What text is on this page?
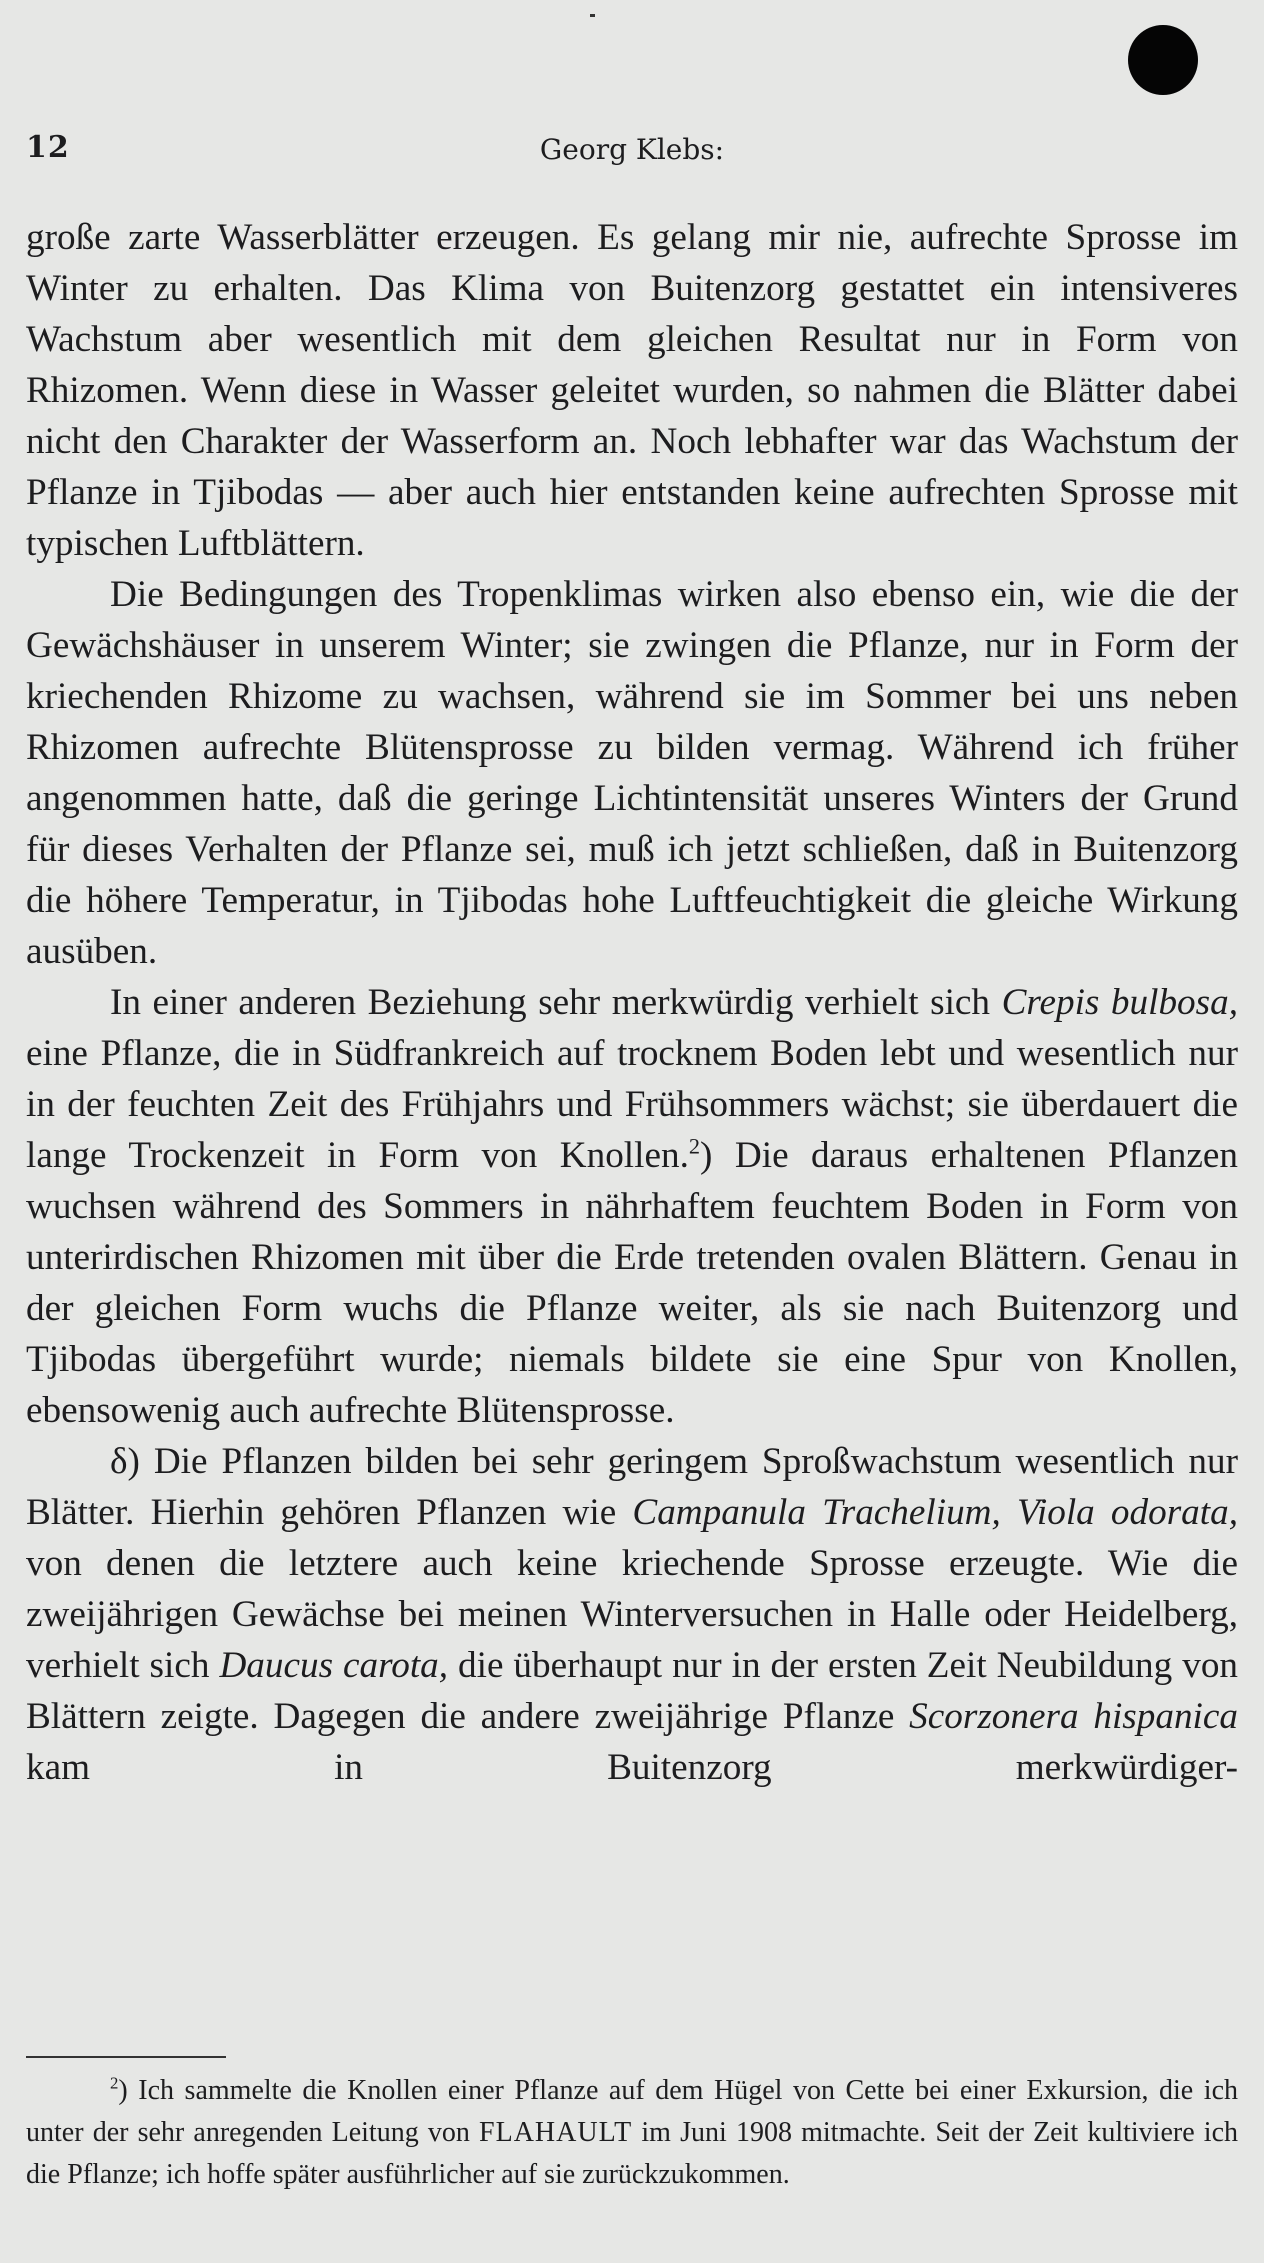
12	Georg Klebs:

große zarte Wasserblätter erzeugen. Es gelang mir nie, aufrechte Sprosse im Winter zu erhalten. Das Klima von Buitenzorg gestattet ein intensiveres Wachstum aber wesentlich mit dem gleichen Resultat nur in Form von Rhizomen. Wenn diese in Wasser geleitet wurden, so nahmen die Blätter dabei nicht den Charakter der Wasserform an. Noch lebhafter war das Wachstum der Pflanze in Tjibodas — aber auch hier entstanden keine aufrechten Sprosse mit typischen Luftblättern.

Die Bedingungen des Tropenklimas wirken also ebenso ein, wie die der Gewächshäuser in unserem Winter; sie zwingen die Pflanze, nur in Form der kriechenden Rhizome zu wachsen, während sie im Sommer bei uns neben Rhizomen aufrechte Blütensprosse zu bilden vermag. Während ich früher angenommen hatte, daß die geringe Lichtintensität unseres Winters der Grund für dieses Verhalten der Pflanze sei, muß ich jetzt schließen, daß in Buitenzorg die höhere Temperatur, in Tjibodas hohe Luftfeuchtigkeit die gleiche Wirkung ausüben.

In einer anderen Beziehung sehr merkwürdig verhielt sich Crepis bulbosa, eine Pflanze, die in Südfrankreich auf trocknem Boden lebt und wesentlich nur in der feuchten Zeit des Frühjahrs und Frühsommers wächst; sie überdauert die lange Trockenzeit in Form von Knollen.$^2$) Die daraus erhaltenen Pflanzen wuchsen während des Sommers in nährhaftem feuchtem Boden in Form von unterirdischen Rhizomen mit über die Erde tretenden ovalen Blättern. Genau in der gleichen Form wuchs die Pflanze weiter, als sie nach Buitenzorg und Tjibodas übergeführt wurde; niemals bildete sie eine Spur von Knollen, ebensowenig auch aufrechte Blütensprosse.

δ) Die Pflanzen bilden bei sehr geringem Sproßwachstum wesentlich nur Blätter. Hierhin gehören Pflanzen wie Campanula Trachelium, Viola odorata, von denen die letztere auch keine kriechende Sprosse erzeugte. Wie die zweijährigen Gewächse bei meinen Winterversuchen in Halle oder Heidelberg, verhielt sich Daucus carota, die überhaupt nur in der ersten Zeit Neubildung von Blättern zeigte. Dagegen die andere zweijährige Pflanze Scorzonera hispanica kam in Buitenzorg merkwürdiger-

$^2$) Ich sammelte die Knollen einer Pflanze auf dem Hügel von Cette bei einer Exkursion, die ich unter der sehr anregenden Leitung von FLAHAULT im Juni 1908 mitmachte. Seit der Zeit kultiviere ich die Pflanze; ich hoffe später ausführlicher auf sie zurückzukommen.
